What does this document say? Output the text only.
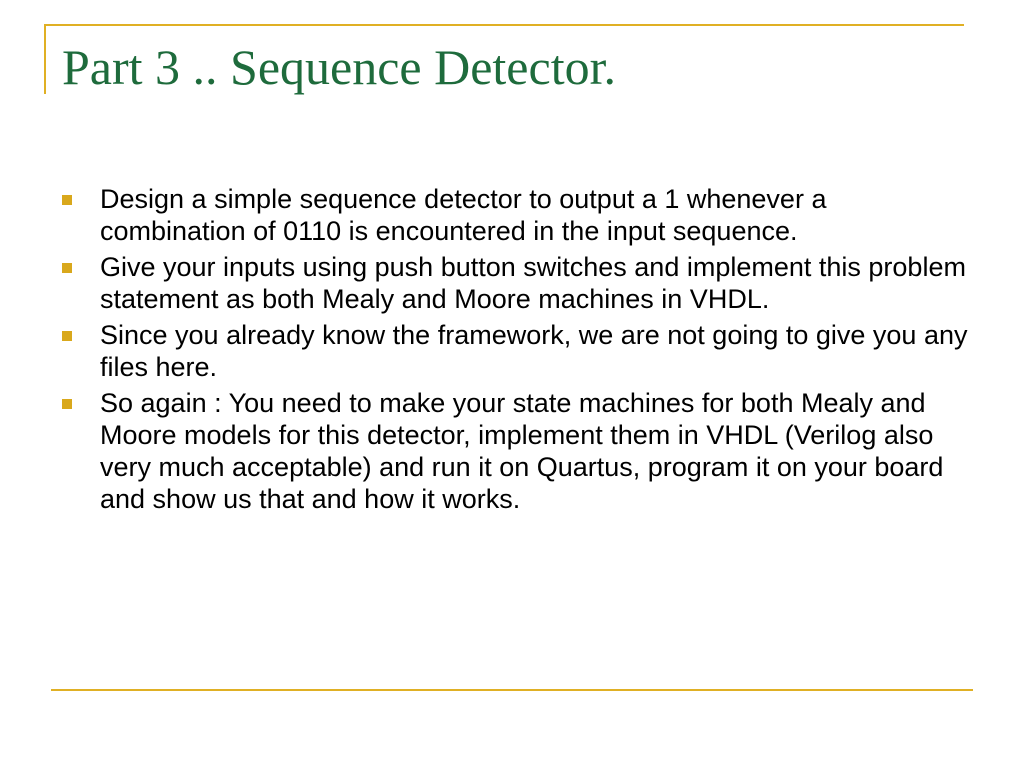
Part 3 .. Sequence Detector.
Design a simple sequence detector to output a 1 whenever a combination of 0110 is encountered in the input sequence.
Give your inputs using push button switches and implement this problem statement as both Mealy and Moore machines in VHDL.
Since you already know the framework, we are not going to give you any files here.
So again : You need to make your state machines for both Mealy and Moore models for this detector, implement them in VHDL (Verilog also very much acceptable) and run it on Quartus, program it on your board and show us that and how it works.
